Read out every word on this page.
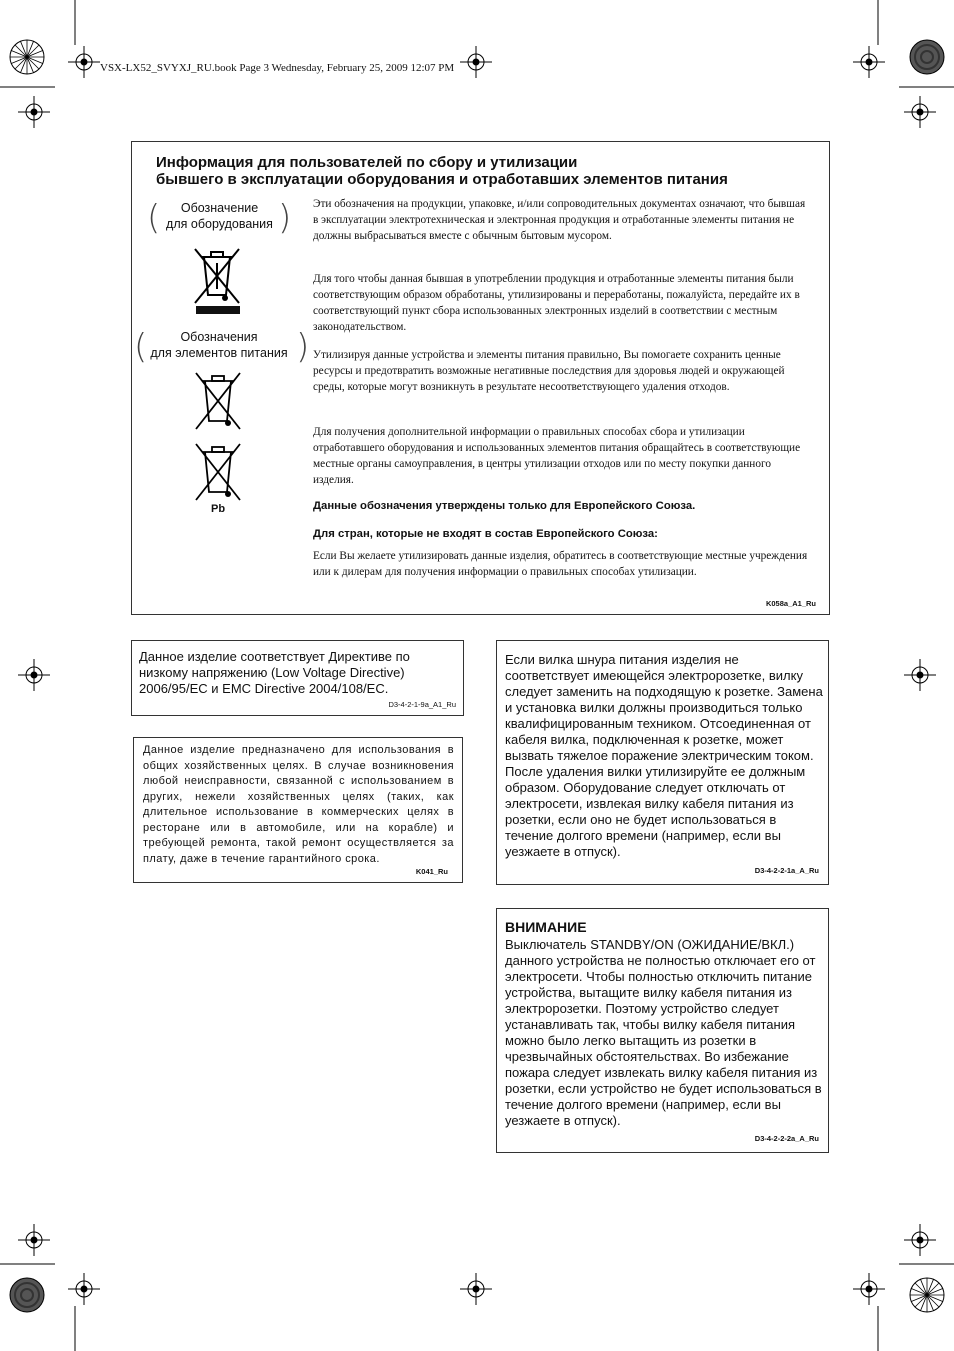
VSX-LX52_SVYXJ_RU.book Page 3 Wednesday, February 25, 2009 12:07 PM
Информация для пользователей по сбору и утилизации
бывшего в эксплуатации оборудования и отработавших элементов питания
(	Обозначение
для оборудования )
(	Обозначения
для элементов питания )
Pb

Эти обозначения на продукции, упаковке, и/или сопроводительных документах означают, что бывшая в эксплуатации электротехническая и электронная продукция и отработанные элементы питания не должны выбрасываться вместе с обычным бытовым мусором.

Для того чтобы данная бывшая в употреблении продукция и отработанные элементы питания были соответствующим образом обработаны, утилизированы и переработаны, пожалуйста, передайте их в соответствующий пункт сбора использованных электронных изделий в соответствии с местным законодательством.

Утилизируя данные устройства и элементы питания правильно, Вы помогаете сохранить ценные ресурсы и предотвратить возможные негативные последствия для здоровья людей и окружающей среды, которые могут возникнуть в результате несоответствующего удаления отходов.

Для получения дополнительной информации о правильных способах сбора и утилизации отработавшего оборудования и использованных элементов питания обращайтесь в соответствующие местные органы самоуправления, в центры утилизации отходов или по месту покупки данного изделия.

Данные обозначения утверждены только для Европейского Союза.

Для стран, которые не входят в состав Европейского Союза:

Если Вы желаете утилизировать данные изделия, обратитесь в соответствующие местные учреждения или к дилерам для получения информации о правильных способах утилизации.

K058a_A1_Ru

Данное изделие соответствует Директиве по низкому напряжению (Low Voltage Directive) 2006/95/EC и EMC Directive 2004/108/EC.

D3-4-2-1-9a_A1_Ru

Данное изделие предназначено для использования в общих хозяйственных целях. В случае возникновения любой неисправности, связанной с использованием в других, нежели хозяйственных целях (таких, как длительное использование в коммерческих целях в ресторане или в автомобиле, или на корабле) и требующей ремонта, такой ремонт осуществляется за плату, даже в течение гарантийного срока.

K041_Ru

Если вилка шнура питания изделия не соответствует имеющейся электророзетке, вилку следует заменить на подходящую к розетке. Замена и установка вилки должны производиться только квалифицированным техником. Отсоединенная от кабеля вилка, подключенная к розетке, может вызвать тяжелое поражение электрическим током. После удаления вилки утилизируйте ее должным образом. Оборудование следует отключать от электросети, извлекая вилку кабеля питания из розетки, если оно не будет использоваться в течение долгого времени (например, если вы уезжаете в отпуск).

D3-4-2-2-1a_A_Ru
ВНИМАНИЕ

Выключатель STANDBY/ON (ОЖИДАНИЕ/ВКЛ.) данного устройства не полностью отключает его от электросети. Чтобы полностью отключить питание устройства, вытащите вилку кабеля питания из электророзетки. Поэтому устройство следует устанавливать так, чтобы вилку кабеля питания можно было легко вытащить из розетки в чрезвычайных обстоятельствах. Во избежание пожара следует извлекать вилку кабеля питания из розетки, если устройство не будет использоваться в течение долгого времени (например, если вы уезжаете в отпуск).

D3-4-2-2-2a_A_Ru
